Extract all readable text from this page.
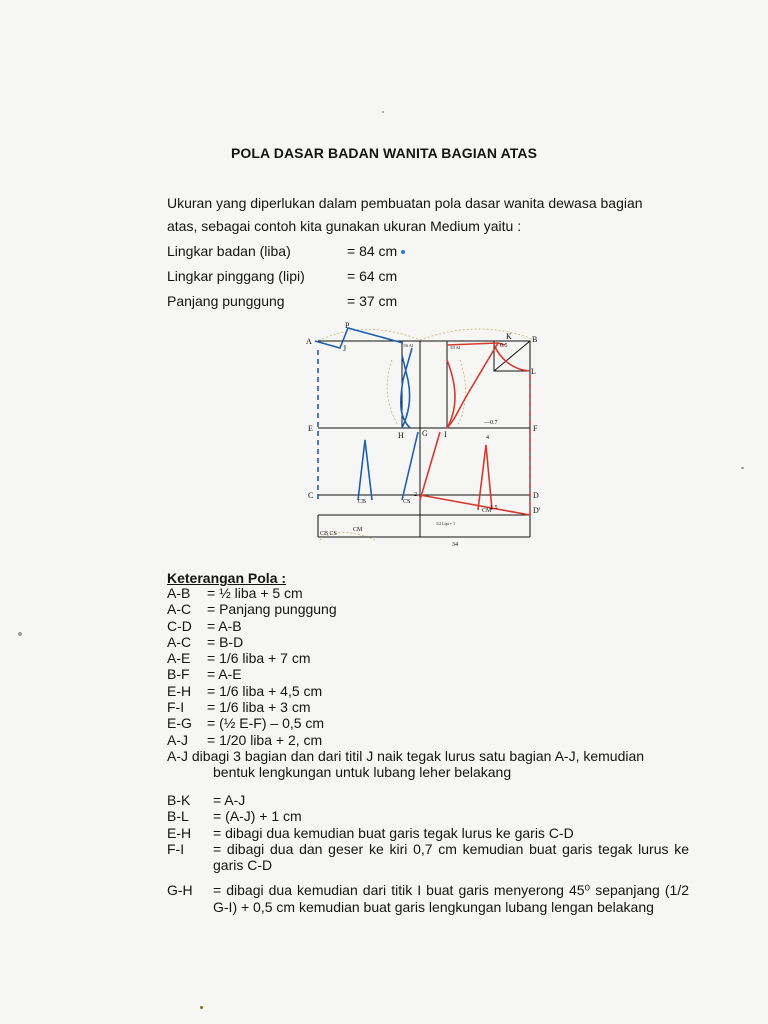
POLA DASAR BADAN WANITA BAGIAN ATAS

Ukuran yang diperlukan dalam pembuatan pola dasar wanita dewasa bagian

atas, sebagai contoh kita gunakan ukuran Medium yaitu :

Lingkar badan (liba)	= 84 cm
Lingkar pinggang (lipi)	= 64 cm
Panjang punggung	= 37 cm
A	B
C	D
D'
E	F
G
H	I
J
K
L
P
CB	CS
CM
CB CS
CM
0.5
—0.7
4
2
1.5
1/6 AJ	3/5 AJ
1/2 Lipi + 1
34
Keterangan Pola :
A-B	= ½ liba + 5 cm
A-C	= Panjang punggung
C-D	= A-B
A-C	= B-D
A-E	= 1/6 liba + 7 cm
B-F	= A-E
E-H	= 1/6 liba + 4,5 cm
F-I	= 1/6 liba + 3 cm
E-G	= (½ E-F) – 0,5 cm
A-J	= 1/20 liba + 2, cm
A-J dibagi 3 bagian dan dari titil J naik tegak lurus satu bagian A-J, kemudian
bentuk lengkungan untuk lubang leher belakang
B-K	= A-J
B-L	= (A-J) + 1 cm
E-H	= dibagi dua kemudian buat garis tegak lurus ke garis C-D
F-I	= dibagi dua dan geser ke kiri 0,7 cm kemudian buat garis tegak lurus ke garis C-D
G-H	= dibagi dua kemudian dari titik I buat garis menyerong 45⁰ sepanjang (1/2 G-I) + 0,5 cm kemudian buat garis lengkungan lubang lengan belakang
